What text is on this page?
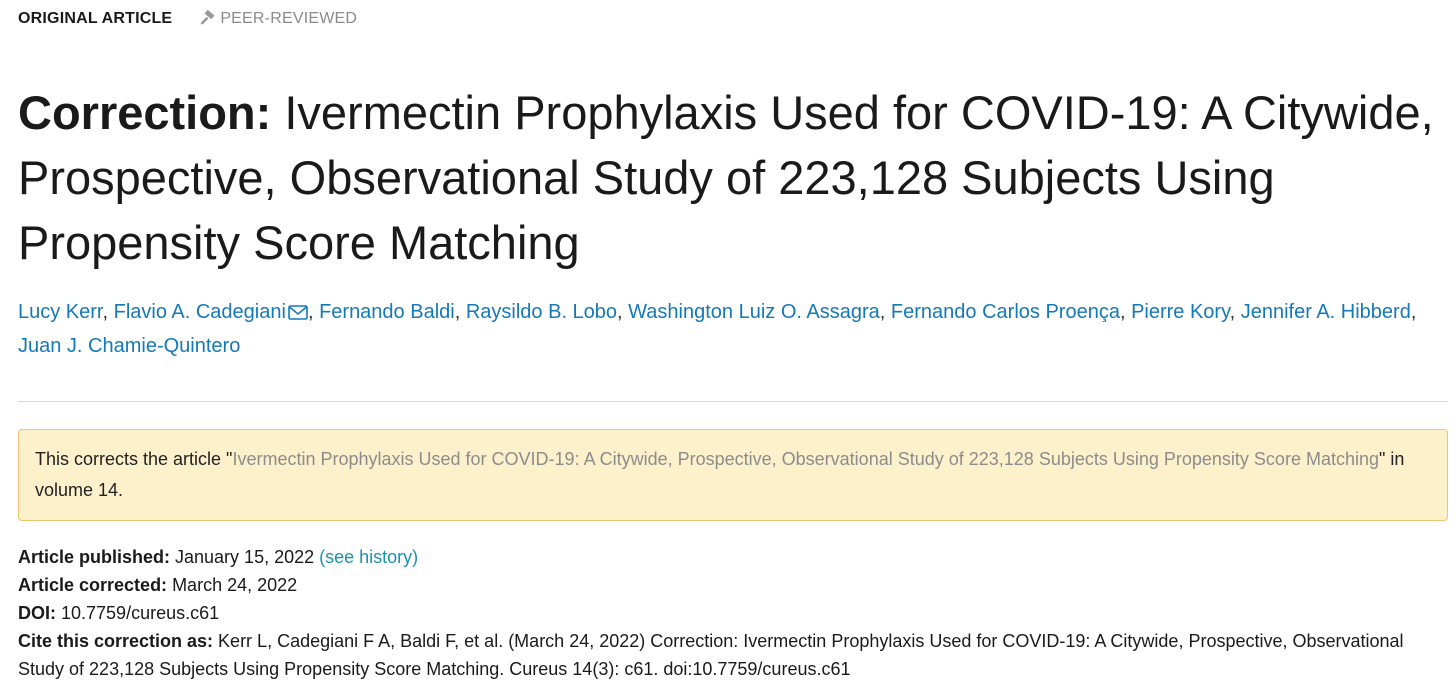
ORIGINAL ARTICLE	PEER-REVIEWED
Correction: Ivermectin Prophylaxis Used for COVID-19: A Citywide, Prospective, Observational Study of 223,128 Subjects Using Propensity Score Matching
Lucy Kerr, Flavio A. Cadegiani , Fernando Baldi, Raysildo B. Lobo, Washington Luiz O. Assagra, Fernando Carlos Proença, Pierre Kory, Jennifer A. Hibberd, Juan J. Chamie-Quintero
This corrects the article "Ivermectin Prophylaxis Used for COVID-19: A Citywide, Prospective, Observational Study of 223,128 Subjects Using Propensity Score Matching" in volume 14.
Article published: January 15, 2022 (see history)
Article corrected: March 24, 2022
DOI: 10.7759/cureus.c61
Cite this correction as: Kerr L, Cadegiani F A, Baldi F, et al. (March 24, 2022) Correction: Ivermectin Prophylaxis Used for COVID-19: A Citywide, Prospective, Observational Study of 223,128 Subjects Using Propensity Score Matching. Cureus 14(3): c61. doi:10.7759/cureus.c61
